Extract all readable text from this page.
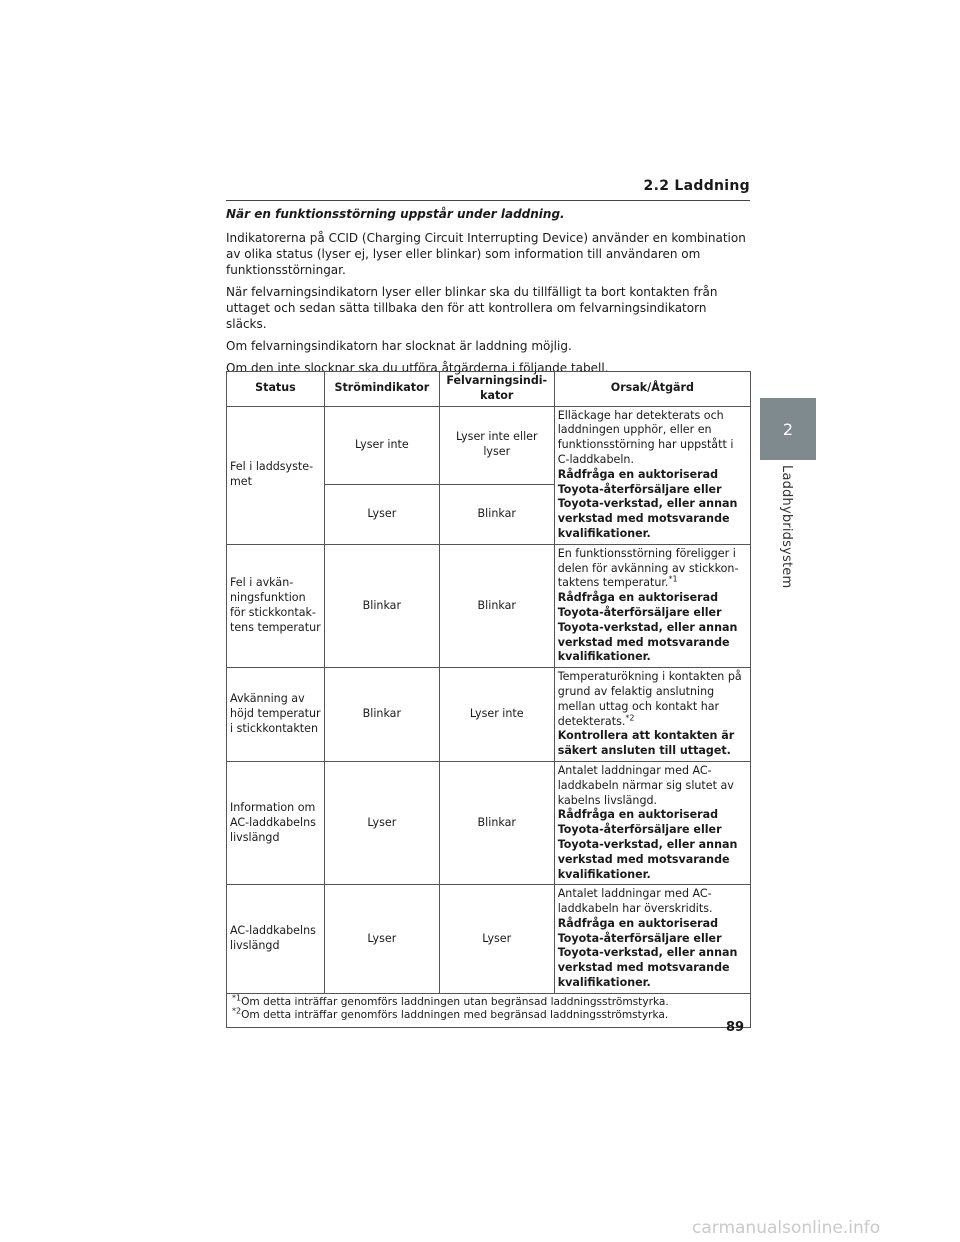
2.2 Laddning
2
Laddhybridsystem

När en funktionsstörning uppstår under laddning.

Indikatorerna på CCID (Charging Circuit Interrupting Device) använder en kombination av olika status (lyser ej, lyser eller blinkar) som information till användaren om funktionsstörningar.

När felvarningsindikatorn lyser eller blinkar ska du tillfälligt ta bort kontakten från uttaget och sedan sätta tillbaka den för att kontrollera om felvarningsindikatorn släcks.

Om felvarningsindikatorn har slocknat är laddning möjlig.

Om den inte slocknar ska du utföra åtgärderna i följande tabell.

Status	Strömindikator	Felvarningsindi-kator	Orsak/Åtgärd
Fel i laddsyste-met	Lyser inte	Lyser inte eller lyser	Elläckage har detekterats och laddningen upphör, eller en funktionsstörning har uppstått i C-laddkabeln.
Rådfråga en auktoriserad Toyota-återförsäljare eller Toyota-verkstad, eller annan verkstad med motsvarande kvalifikationer.
	Lyser	Blinkar	
Fel i avkän-ningsfunktion för stickkontak-tens temperatur	Blinkar	Blinkar	En funktionsstörning föreligger i delen för avkänning av stickkon-taktens temperatur.$^{*1}$
Rådfråga en auktoriserad Toyota-återförsäljare eller Toyota-verkstad, eller annan verkstad med motsvarande kvalifikationer.
Avkänning av höjd temperatur i stickkontakten	Blinkar	Lyser inte	Temperaturökning i kontakten på grund av felaktig anslutning mellan uttag och kontakt har detekterats.$^{*2}$
Kontrollera att kontakten är säkert ansluten till uttaget.
Information om AC-laddkabelns livslängd	Lyser	Blinkar	Antalet laddningar med AC-laddkabeln närmar sig slutet av kabelns livslängd.
Rådfråga en auktoriserad Toyota-återförsäljare eller Toyota-verkstad, eller annan verkstad med motsvarande kvalifikationer.
AC-laddkabelns livslängd	Lyser	Lyser	Antalet laddningar med AC-laddkabeln har överskridits.
Rådfråga en auktoriserad Toyota-återförsäljare eller Toyota-verkstad, eller annan verkstad med motsvarande kvalifikationer.

$^{*1}$Om detta inträffar genomförs laddningen utan begränsad laddningsströmstyrka.
$^{*2}$Om detta inträffar genomförs laddningen med begränsad laddningsströmstyrka.			
89
carmanualsonline.info
